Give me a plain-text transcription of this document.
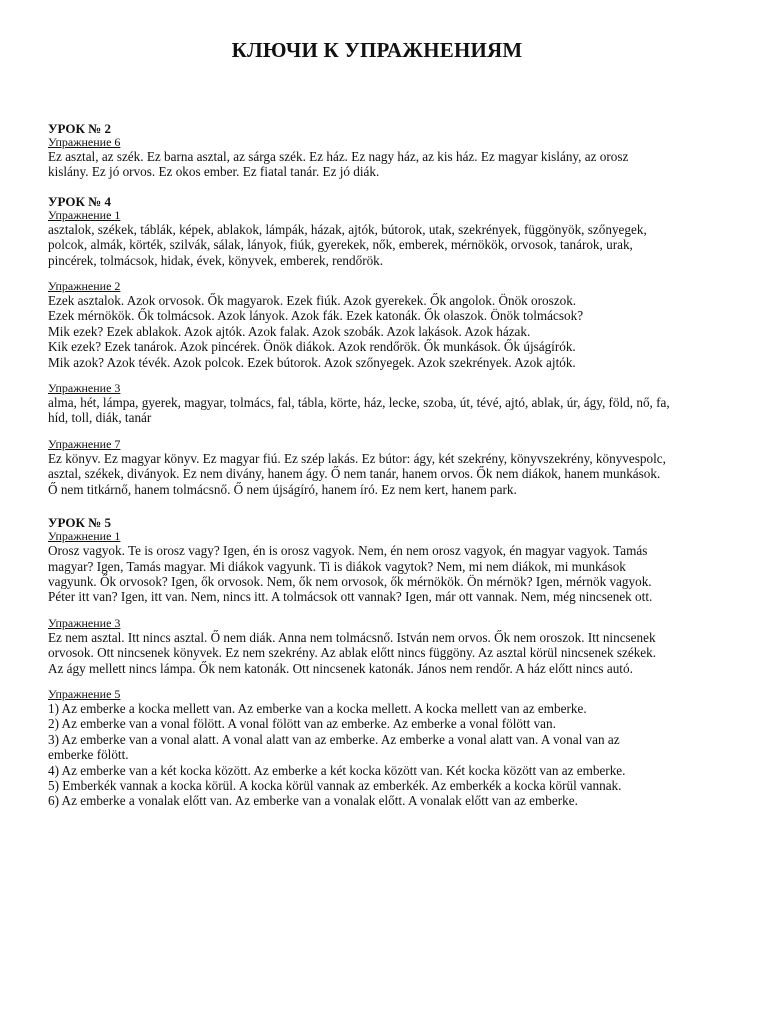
КЛЮЧИ К УПРАЖНЕНИЯМ
УРОК № 2
Упражнение 6
Ez asztal, az szék. Ez barna asztal, az sárga szék. Ez ház. Ez nagy ház, az kis ház. Ez magyar kislány, az orosz
kislány. Ez jó orvos. Ez okos ember. Ez fiatal tanár. Ez jó diák.
УРОК № 4
Упражнение 1
asztalok, székek, táblák, képek, ablakok, lámpák, házak, ajtók, bútorok, utak, szekrények, függönyök, szőnyegek,
polcok, almák, körték, szilvák, sálak, lányok, fiúk, gyerekek, nők, emberek, mérnökök, orvosok, tanárok, urak,
pincérek, tolmácsok, hidak, évek, könyvek, emberek, rendőrök.
Упражнение 2
Ezek asztalok. Azok orvosok. Ők magyarok. Ezek fiúk. Azok gyerekek. Ők angolok. Önök oroszok.
Ezek mérnökök. Ők tolmácsok. Azok lányok. Azok fák. Ezek katonák. Ők olaszok. Önök tolmácsok?
Mik ezek? Ezek ablakok. Azok ajtók. Azok falak. Azok szobák. Azok lakások. Azok házak.
Kik ezek? Ezek tanárok. Azok pincérek. Önök diákok. Azok rendőrök. Ők munkások. Ők újságírók.
Mik azok? Azok tévék. Azok polcok. Ezek bútorok. Azok szőnyegek. Azok szekrények. Azok ajtók.
Упражнение 3
alma, hét, lámpa, gyerek, magyar, tolmács, fal, tábla, körte, ház, lecke, szoba, út, tévé, ajtó, ablak, úr, ágy, föld, nő, fa,
híd, toll, diák, tanár
Упражнение 7
Ez könyv. Ez magyar könyv. Ez magyar fiú. Ez szép lakás. Ez bútor: ágy, két szekrény, könyvszekrény, könyvespolc,
asztal, székek, diványok. Ez nem divány, hanem ágy. Ő nem tanár, hanem orvos. Ők nem diákok, hanem munkások.
Ő nem titkárnő, hanem tolmácsnő. Ő nem újságíró, hanem író. Ez nem kert, hanem park.
УРОК № 5
Упражнение 1
Orosz vagyok. Te is orosz vagy? Igen, én is orosz vagyok. Nem, én nem orosz vagyok, én magyar vagyok. Tamás
magyar? Igen, Tamás magyar. Mi diákok vagyunk. Ti is diákok vagytok? Nem, mi nem diákok, mi munkások
vagyunk. Ők orvosok? Igen, ők orvosok. Nem, ők nem orvosok, ők mérnökök. Ön mérnök? Igen, mérnök vagyok.
Péter itt van? Igen, itt van. Nem, nincs itt. A tolmácsok ott vannak? Igen, már ott vannak. Nem, még nincsenek ott.
Упражнение 3
Ez nem asztal. Itt nincs asztal. Ő nem diák. Anna nem tolmácsnő. István nem orvos. Ők nem oroszok. Itt nincsenek
orvosok. Ott nincsenek könyvek. Ez nem szekrény. Az ablak előtt nincs függöny. Az asztal körül nincsenek székek.
Az ágy mellett nincs lámpa. Ők nem katonák. Ott nincsenek katonák. János nem rendőr. A ház előtt nincs autó.
Упражнение 5
1) Az emberke a kocka mellett van. Az emberke van a kocka mellett. A kocka mellett van az emberke.
2) Az emberke van a vonal fölött. A vonal fölött van az emberke. Az emberke a vonal fölött van.
3) Az emberke van a vonal alatt. A vonal alatt van az emberke. Az emberke a vonal alatt van. A vonal van az
emberke fölött.
4) Az emberke van a két kocka között. Az emberke a két kocka között van. Két kocka között van az emberke.
5) Emberkék vannak a kocka körül. A kocka körül vannak az emberkék. Az emberkék a kocka körül vannak.
6) Az emberke a vonalak előtt van. Az emberke van a vonalak előtt. A vonalak előtt van az emberke.
